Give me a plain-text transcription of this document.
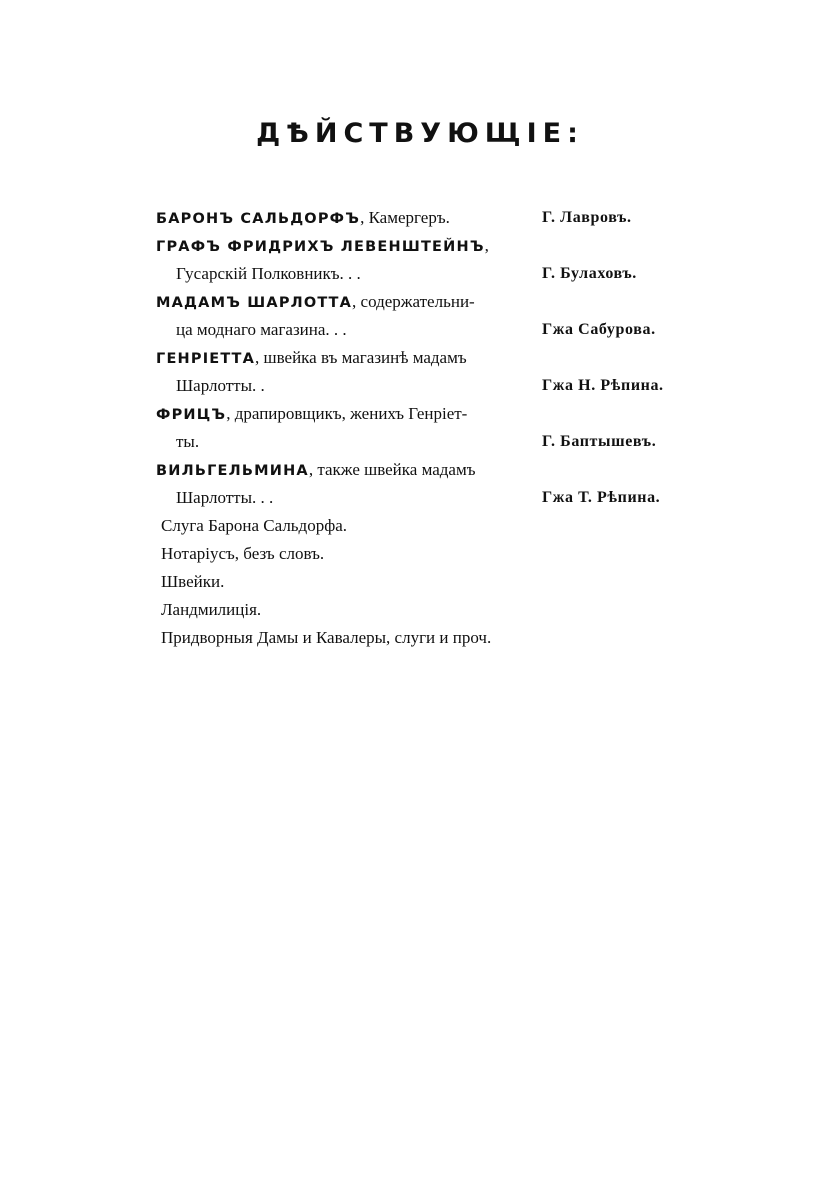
ДѢЙСТВУЮЩІЕ:
БАРОНЪ САЛЬДОРФЪ, Камергеръ.	Г. Лавровъ.
ГРАФЪ ФРИДРИХЪ ЛЕВЕНШТЕЙНЪ,
Гусарскій Полковникъ. . .	Г. Булаховъ.
МАДАМЪ ШАРЛОТТА, содержательни-
ца моднаго магазина. . .	Гжа Сабурова.
ГЕНРІЕТТА, швейка въ магазинѣ мадамъ
Шарлотты. .	Гжа Н. Рѣпина.
ФРИЦЪ, драпировщикъ, женихъ Генріет-
ты.	Г. Баптышевъ.
ВИЛЬГЕЛЬМИНА, также швейка мадамъ
Шарлотты. . .	Гжа Т. Рѣпина.
Слуга Барона Сальдорфа.
Нотаріусъ, безъ словъ.
Швейки.
Ландмилиція.
Придворныя Дамы и Кавалеры, слуги и проч.
